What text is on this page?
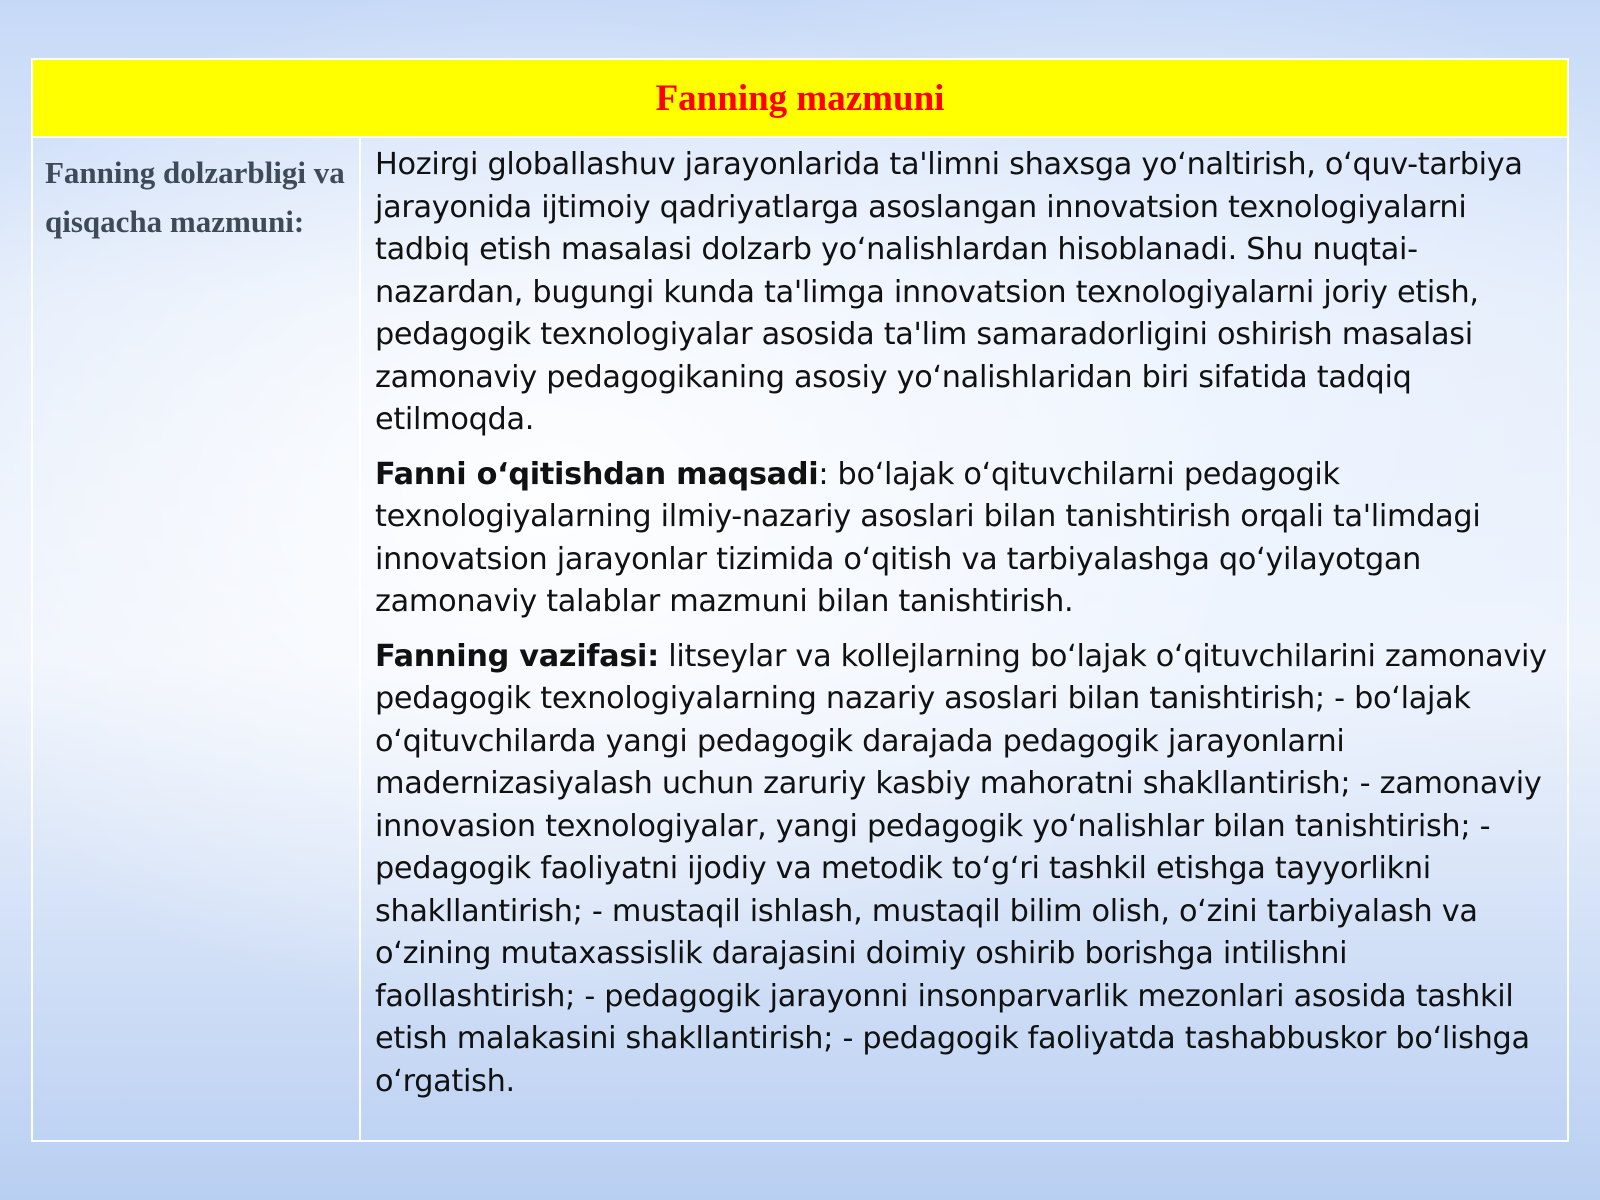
Fanning mazmuni
Fanning dolzarbligi va qisqacha mazmuni:

Hozirgi globallashuv jarayonlarida ta'limni shaxsga yoʻnaltirish, oʻquv-tarbiya jarayonida ijtimoiy qadriyatlarga asoslangan innovatsion texnologiyalarni tadbiq etish masalasi dolzarb yoʻnalishlardan hisoblanadi. Shu nuqtai-nazardan, bugungi kunda ta'limga innovatsion texnologiyalarni joriy etish, pedagogik texnologiyalar asosida ta'lim samaradorligini oshirish masalasi zamonaviy pedagogikaning asosiy yoʻnalishlaridan biri sifatida tadqiq etilmoqda.

Fanni oʻqitishdan maqsadi: boʻlajak oʻqituvchilarni pedagogik texnologiyalarning ilmiy-nazariy asoslari bilan tanishtirish orqali ta'limdagi innovatsion jarayonlar tizimida oʻqitish va tarbiyalashga qoʻyilayotgan zamonaviy talablar mazmuni bilan tanishtirish.

Fanning vazifasi: litseylar va kollejlarning boʻlajak oʻqituvchilarini zamonaviy pedagogik texnologiyalarning nazariy asoslari bilan tanishtirish; - boʻlajak oʻqituvchilarda yangi pedagogik darajada pedagogik jarayonlarni madernizasiyalash uchun zaruriy kasbiy mahoratni shakllantirish; - zamonaviy innovasion texnologiyalar, yangi pedagogik yoʻnalishlar bilan tanishtirish; - pedagogik faoliyatni ijodiy va metodik toʻgʻri tashkil etishga tayyorlikni shakllantirish; - mustaqil ishlash, mustaqil bilim olish, oʻzini tarbiyalash va oʻzining mutaxassislik darajasini doimiy oshirib borishga intilishni faollashtirish; - pedagogik jarayonni insonparvarlik mezonlari asosida tashkil etish malakasini shakllantirish; - pedagogik faoliyatda tashabbuskor boʻlishga oʻrgatish.
